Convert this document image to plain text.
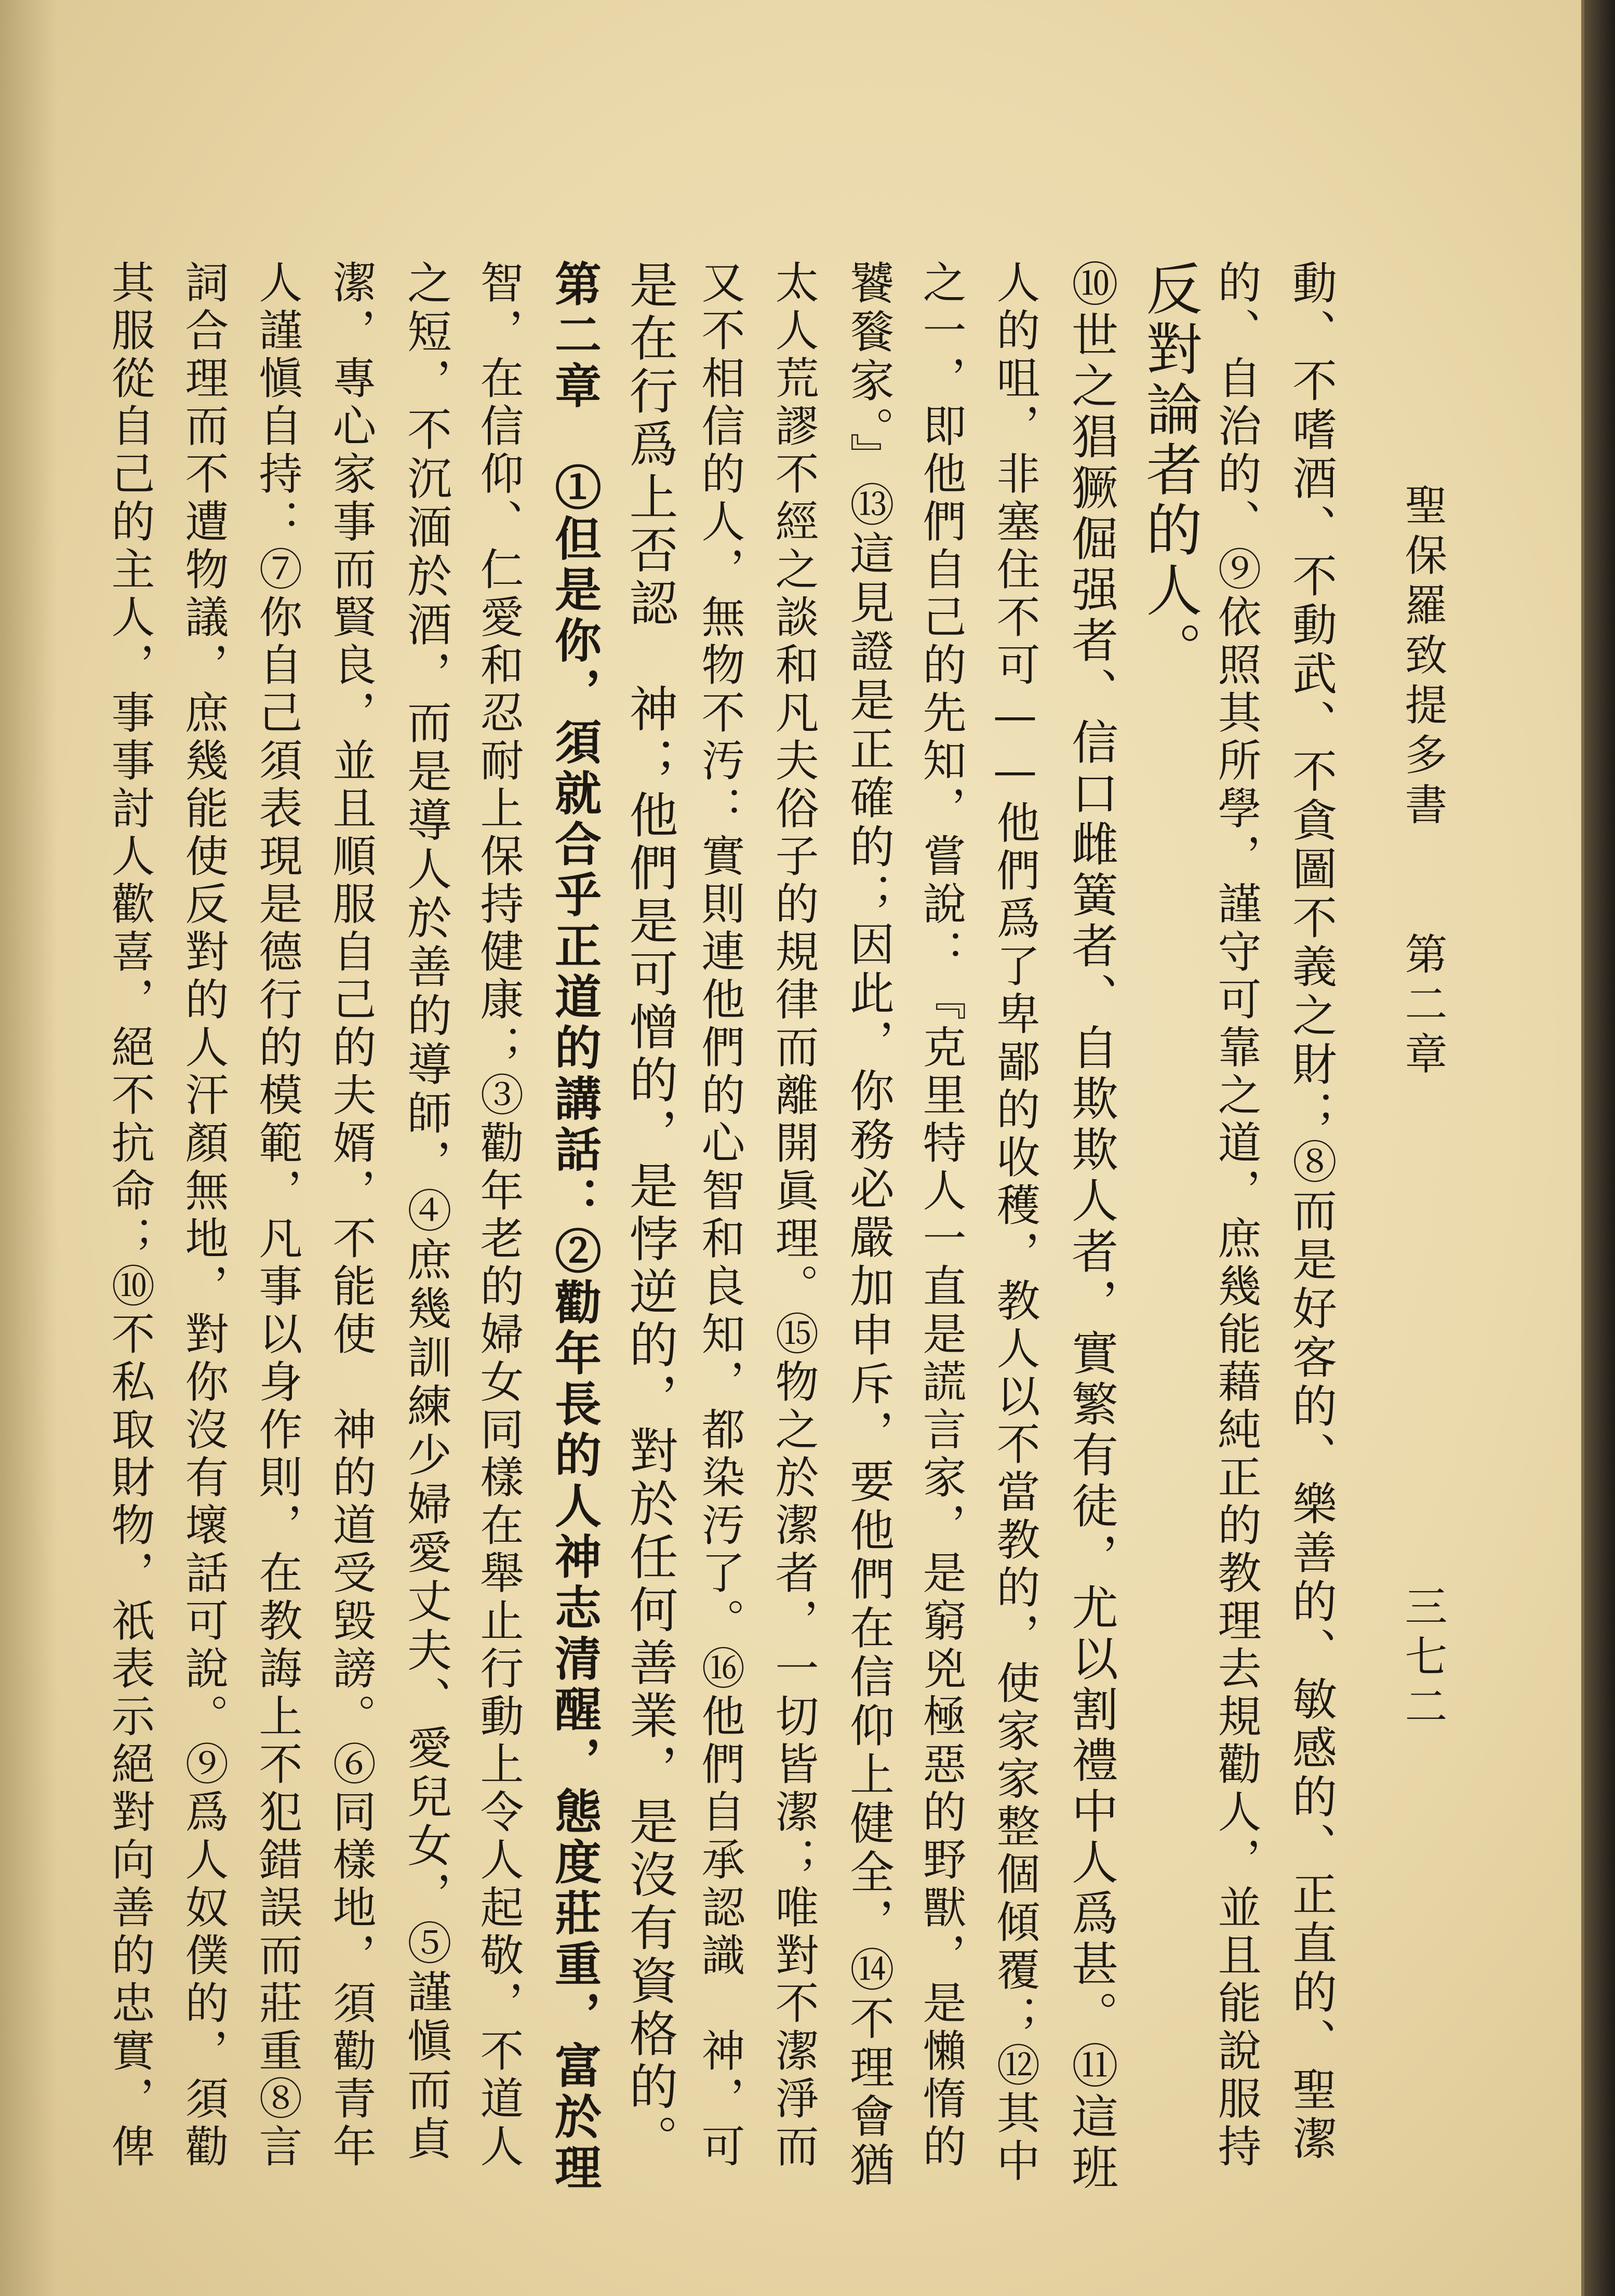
聖保羅致提多書　　第二章
三七二
動、不嗜酒、不動武、不貪圖不義之財；⑧而是好客的、樂善的、敏感的、正直的、聖潔
的、自治的、⑨依照其所學，謹守可靠之道，庶幾能藉純正的教理去規勸人，並且能說服持
反對論者的人。
⑩世之猖獗倔强者、信口雌簧者、自欺欺人者，實繁有徒，尤以割禮中人爲甚。⑪這班
人的咀，非塞住不可——他們爲了卑鄙的收穫，教人以不當教的，使家家整個傾覆；⑫其中
之一，即他們自己的先知，嘗說：『克里特人一直是謊言家，是窮兇極惡的野獸，是懶惰的
饕餮家。』⑬這見證是正確的；因此，你務必嚴加申斥，要他們在信仰上健全，⑭不理會猶
太人荒謬不經之談和凡夫俗子的規律而離開眞理。⑮物之於潔者，一切皆潔；唯對不潔淨而
又不相信的人，無物不汚：實則連他們的心智和良知，都染汚了。⑯他們自承認識　神，可
是在行爲上否認　神；他們是可憎的，是悖逆的，對於任何善業，是沒有資格的。
第二章　①但是你，須就合乎正道的講話：②勸年長的人神志清醒，態度莊重，富於理
智，在信仰、仁愛和忍耐上保持健康；③勸年老的婦女同樣在舉止行動上令人起敬，不道人
之短，不沉湎於酒，而是導人於善的導師，④庶幾訓練少婦愛丈夫、愛兒女，⑤謹愼而貞
潔，專心家事而賢良，並且順服自己的夫婿，不能使　神的道受毀謗。⑥同樣地，須勸青年
人謹愼自持：⑦你自己須表現是德行的模範，凡事以身作則，在教誨上不犯錯誤而莊重⑧言
詞合理而不遭物議，庶幾能使反對的人汗顏無地，對你沒有壞話可說。⑨爲人奴僕的，須勸
其服從自己的主人，事事討人歡喜，絕不抗命；⑩不私取財物，祇表示絕對向善的忠實，俾
